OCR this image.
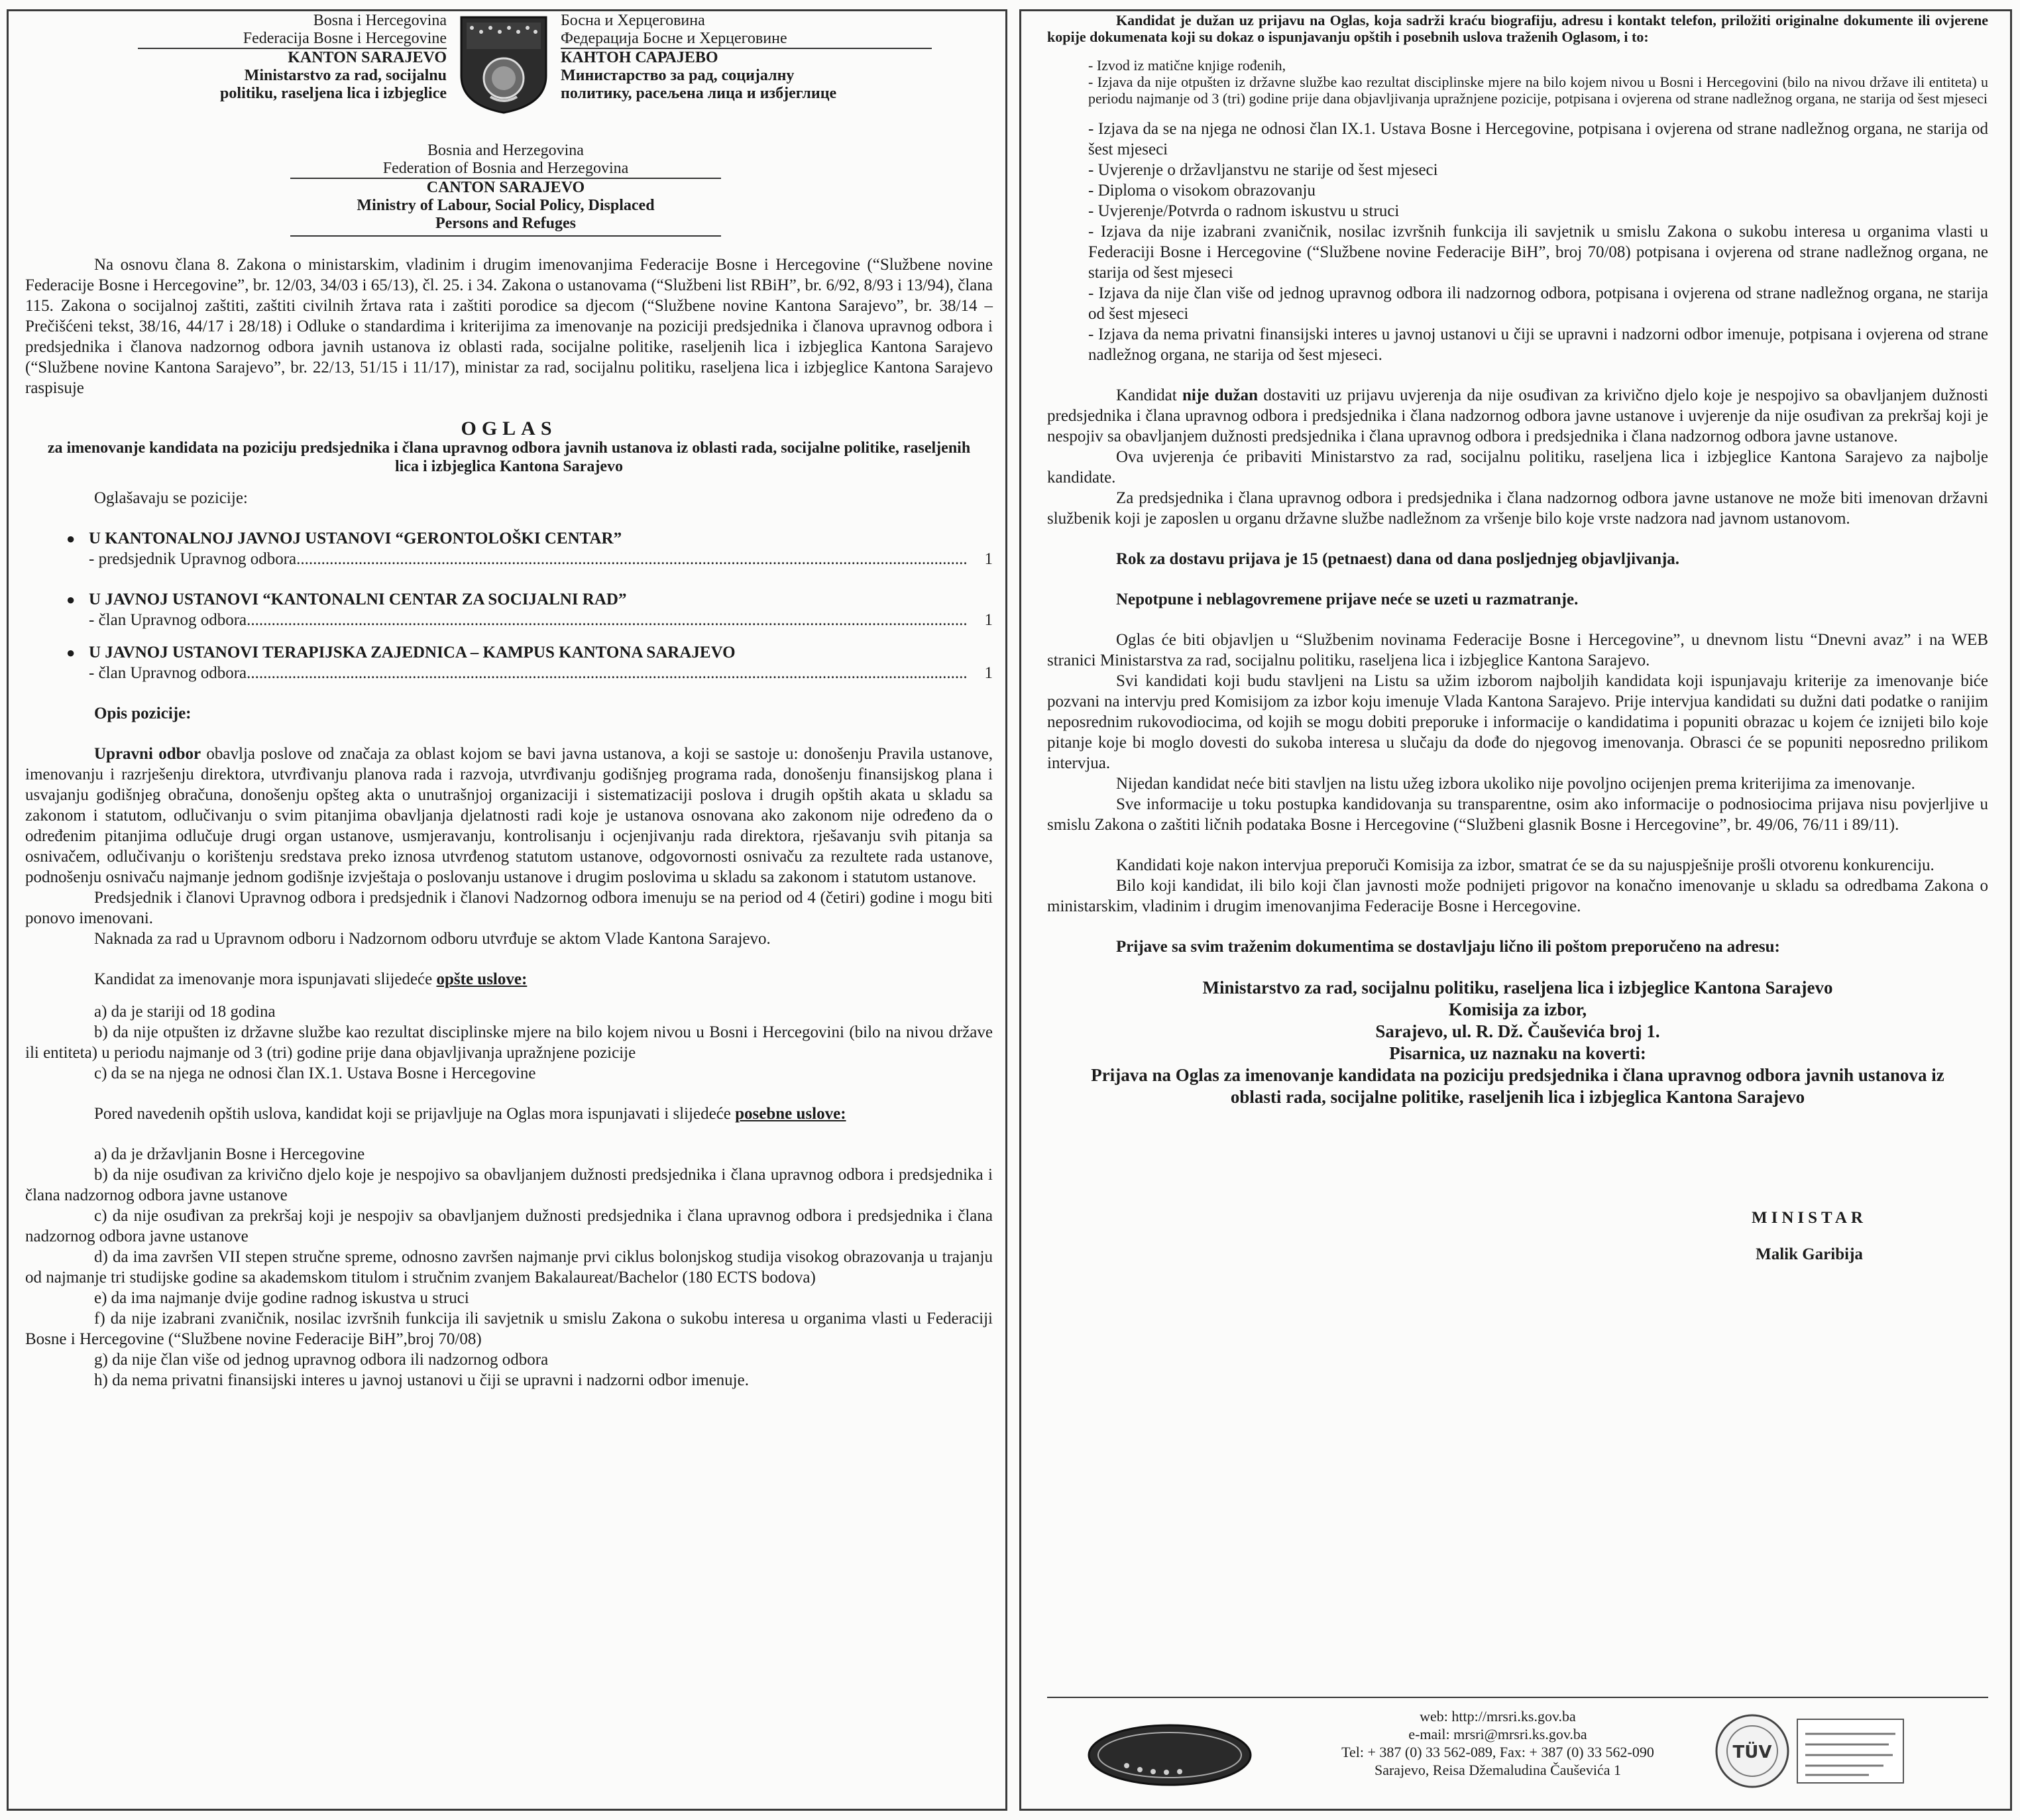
Bosna i Hercegovina
Federacija Bosne i Hercegovine
KANTON SARAJEVO
Ministarstvo za rad, socijalnu
politiku, raseljena lica i izbjeglice
Босна и Херцеговина
Федерација Босне и Херцеговине
КАНТОН САРАЈЕВО
Министарство за рад, социјалну
политику, расељена лица и избјеглице
Bosnia and Herzegovina
Federation of Bosnia and Herzegovina
CANTON SARAJEVO
Ministry of Labour, Social Policy, Displaced
Persons and Refuges

Na osnovu člana 8. Zakona o ministarskim, vladinim i drugim imenovanjima Federacije Bosne i Hercegovine (“Službene novine Federacije Bosne i Hercegovine”, br. 12/03, 34/03 i 65/13), čl. 25. i 34. Zakona o ustanovama (“Službeni list RBiH”, br. 6/92, 8/93 i 13/94), člana 115. Zakona o socijalnoj zaštiti, zaštiti civilnih žrtava rata i zaštiti porodice sa djecom (“Službene novine Kantona Sarajevo”, br. 38/14 – Prečišćeni tekst, 38/16, 44/17 i 28/18) i Odluke o standardima i kriterijima za imenovanje na poziciji predsjednika i članova upravnog odbora i predsjednika i članova nadzornog odbora javnih ustanova iz oblasti rada, socijalne politike, raseljenih lica i izbjeglica Kantona Sarajevo (“Službene novine Kantona Sarajevo”, br. 22/13, 51/15 i 11/17), ministar za rad, socijalnu politiku, raseljena lica i izbjeglice Kantona Sarajevo raspisuje

OGLAS
za imenovanje kandidata na poziciju predsjednika i člana upravnog odbora javnih ustanova iz oblasti rada, socijalne politike, raseljenih lica i izbjeglica Kantona Sarajevo

Oglašavaju se pozicije:

● U KANTONALNOJ JAVNOJ USTANOVI “GERONTOLOŠKI CENTAR”
- predsjednik Upravnog odbora .....	1
● U JAVNOJ USTANOVI “KANTONALNI CENTAR ZA SOCIJALNI RAD”
- član Upravnog odbora .....	1
● U JAVNOJ USTANOVI TERAPIJSKA ZAJEDNICA – KAMPUS KANTONA SARAJEVO
- član Upravnog odbora .....	1

Opis pozicije:

Upravni odbor obavlja poslove od značaja za oblast kojom se bavi javna ustanova, a koji se sastoje u: donošenju Pravila ustanove, imenovanju i razrješenju direktora, utvrđivanju planova rada i razvoja, utvrđivanju godišnjeg programa rada, donošenju finansijskog plana i usvajanju godišnjeg obračuna, donošenju opšteg akta o unutrašnjoj organizaciji i sistematizaciji poslova i drugih opštih akata u skladu sa zakonom i statutom, odlučivanju o svim pitanjima obavljanja djelatnosti radi koje je ustanova osnovana ako zakonom nije određeno da o određenim pitanjima odlučuje drugi organ ustanove, usmjeravanju, kontrolisanju i ocjenjivanju rada direktora, rješavanju svih pitanja sa osnivačem, odlučivanju o korištenju sredstava preko iznosa utvrđenog statutom ustanove, odgovornosti osnivaču za rezultete rada ustanove, podnošenju osnivaču najmanje jednom godišnje izvještaja o poslovanju ustanove i drugim poslovima u skladu sa zakonom i statutom ustanove.

Predsjednik i članovi Upravnog odbora i predsjednik i članovi Nadzornog odbora imenuju se na period od 4 (četiri) godine i mogu biti ponovo imenovani.

Naknada za rad u Upravnom odboru i Nadzornom odboru utvrđuje se aktom Vlade Kantona Sarajevo.

Kandidat za imenovanje mora ispunjavati slijedeće opšte uslove:

a) da je stariji od 18 godina

b) da nije otpušten iz državne službe kao rezultat disciplinske mjere na bilo kojem nivou u Bosni i Hercegovini (bilo na nivou države ili entiteta) u periodu najmanje od 3 (tri) godine prije dana objavljivanja upražnjene pozicije

c) da se na njega ne odnosi član IX.1. Ustava Bosne i Hercegovine

Pored navedenih opštih uslova, kandidat koji se prijavljuje na Oglas mora ispunjavati i slijedeće posebne uslove:

a) da je državljanin Bosne i Hercegovine

b) da nije osuđivan za krivično djelo koje je nespojivo sa obavljanjem dužnosti predsjednika i člana upravnog odbora i predsjednika i člana nadzornog odbora javne ustanove

c) da nije osuđivan za prekršaj koji je nespojiv sa obavljanjem dužnosti predsjednika i člana upravnog odbora i predsjednika i člana nadzornog odbora javne ustanove

d) da ima završen VII stepen stručne spreme, odnosno završen najmanje prvi ciklus bolonjskog studija visokog obrazovanja u trajanju od najmanje tri studijske godine sa akademskom titulom i stručnim zvanjem Bakalaureat/Bachelor (180 ECTS bodova)

e) da ima najmanje dvije godine radnog iskustva u struci

f) da nije izabrani zvaničnik, nosilac izvršnih funkcija ili savjetnik u smislu Zakona o sukobu interesa u organima vlasti u Federaciji Bosne i Hercegovine (“Službene novine Federacije BiH”,broj 70/08)

g) da nije član više od jednog upravnog odbora ili nadzornog odbora

h) da nema privatni finansijski interes u javnoj ustanovi u čiji se upravni i nadzorni odbor imenuje.

Kandidat je dužan uz prijavu na Oglas, koja sadrži kraću biografiju, adresu i kontakt telefon, priložiti originalne dokumente ili ovjerene kopije dokumenata koji su dokaz o ispunjavanju opštih i posebnih uslova traženih Oglasom, i to:

- Izvod iz matične knjige rođenih,

- Izjava da nije otpušten iz državne službe kao rezultat disciplinske mjere na bilo kojem nivou u Bosni i Hercegovini (bilo na nivou države ili entiteta) u periodu najmanje od 3 (tri) godine prije dana objavljivanja upražnjene pozicije, potpisana i ovjerena od strane nadležnog organa, ne starija od šest mjeseci

- Izjava da se na njega ne odnosi član IX.1. Ustava Bosne i Hercegovine, potpisana i ovjerena od strane nadležnog organa, ne starija od šest mjeseci

- Uvjerenje o državljanstvu ne starije od šest mjeseci

- Diploma o visokom obrazovanju

- Uvjerenje/Potvrda o radnom iskustvu u struci

- Izjava da nije izabrani zvaničnik, nosilac izvršnih funkcija ili savjetnik u smislu Zakona o sukobu interesa u organima vlasti u Federaciji Bosne i Hercegovine (“Službene novine Federacije BiH”, broj 70/08) potpisana i ovjerena od strane nadležnog organa, ne starija od šest mjeseci

- Izjava da nije član više od jednog upravnog odbora ili nadzornog odbora, potpisana i ovjerena od strane nadležnog organa, ne starija od šest mjeseci

- Izjava da nema privatni finansijski interes u javnoj ustanovi u čiji se upravni i nadzorni odbor imenuje, potpisana i ovjerena od strane nadležnog organa, ne starija od šest mjeseci.

Kandidat nije dužan dostaviti uz prijavu uvjerenja da nije osuđivan za krivično djelo koje je nespojivo sa obavljanjem dužnosti predsjednika i člana upravnog odbora i predsjednika i člana nadzornog odbora javne ustanove i uvjerenje da nije osuđivan za prekršaj koji je nespojiv sa obavljanjem dužnosti predsjednika i člana upravnog odbora i predsjednika i člana nadzornog odbora javne ustanove.

Ova uvjerenja će pribaviti Ministarstvo za rad, socijalnu politiku, raseljena lica i izbjeglice Kantona Sarajevo za najbolje kandidate.

Za predsjednika i člana upravnog odbora i predsjednika i člana nadzornog odbora javne ustanove ne može biti imenovan državni službenik koji je zaposlen u organu državne službe nadležnom za vršenje bilo koje vrste nadzora nad javnom ustanovom.

Rok za dostavu prijava je 15 (petnaest) dana od dana posljednjeg objavljivanja.

Nepotpune i neblagovremene prijave neće se uzeti u razmatranje.

Oglas će biti objavljen u “Službenim novinama Federacije Bosne i Hercegovine”, u dnevnom listu “Dnevni avaz” i na WEB stranici Ministarstva za rad, socijalnu politiku, raseljena lica i izbjeglice Kantona Sarajevo.

Svi kandidati koji budu stavljeni na Listu sa užim izborom najboljih kandidata koji ispunjavaju kriterije za imenovanje biće pozvani na intervju pred Komisijom za izbor koju imenuje Vlada Kantona Sarajevo. Prije intervjua kandidati su dužni dati podatke o ranijim neposrednim rukovodiocima, od kojih se mogu dobiti preporuke i informacije o kandidatima i popuniti obrazac u kojem će iznijeti bilo koje pitanje koje bi moglo dovesti do sukoba interesa u slučaju da dođe do njegovog imenovanja. Obrasci će se popuniti neposredno prilikom intervjua.

Nijedan kandidat neće biti stavljen na listu užeg izbora ukoliko nije povoljno ocijenjen prema kriterijima za imenovanje.

Sve informacije u toku postupka kandidovanja su transparentne, osim ako informacije o podnosiocima prijava nisu povjerljive u smislu Zakona o zaštiti ličnih podataka Bosne i Hercegovine (“Službeni glasnik Bosne i Hercegovine”, br. 49/06, 76/11 i 89/11).

Kandidati koje nakon intervjua preporuči Komisija za izbor, smatrat će se da su najuspješnije prošli otvorenu konkurenciju.

Bilo koji kandidat, ili bilo koji član javnosti može podnijeti prigovor na konačno imenovanje u skladu sa odredbama Zakona o ministarskim, vladinim i drugim imenovanjima Federacije Bosne i Hercegovine.

Prijave sa svim traženim dokumentima se dostavljaju lično ili poštom preporučeno na adresu:

Ministarstvo za rad, socijalnu politiku, raseljena lica i izbjeglice Kantona Sarajevo
Komisija za izbor,
Sarajevo, ul. R. Dž. Čauševića broj 1.
Pisarnica, uz naznaku na koverti:
Prijava na Oglas za imenovanje kandidata na poziciju predsjednika i člana upravnog odbora javnih ustanova iz oblasti rada, socijalne politike, raseljenih lica i izbjeglica Kantona Sarajevo
MINISTAR
Malik Garibija
web: http://mrsri.ks.gov.ba
e-mail: mrsri@mrsri.ks.gov.ba
Tel: + 387 (0) 33 562-089, Fax: + 387 (0) 33 562-090
Sarajevo, Reisa Džemaludina Čauševića 1
TÜV
